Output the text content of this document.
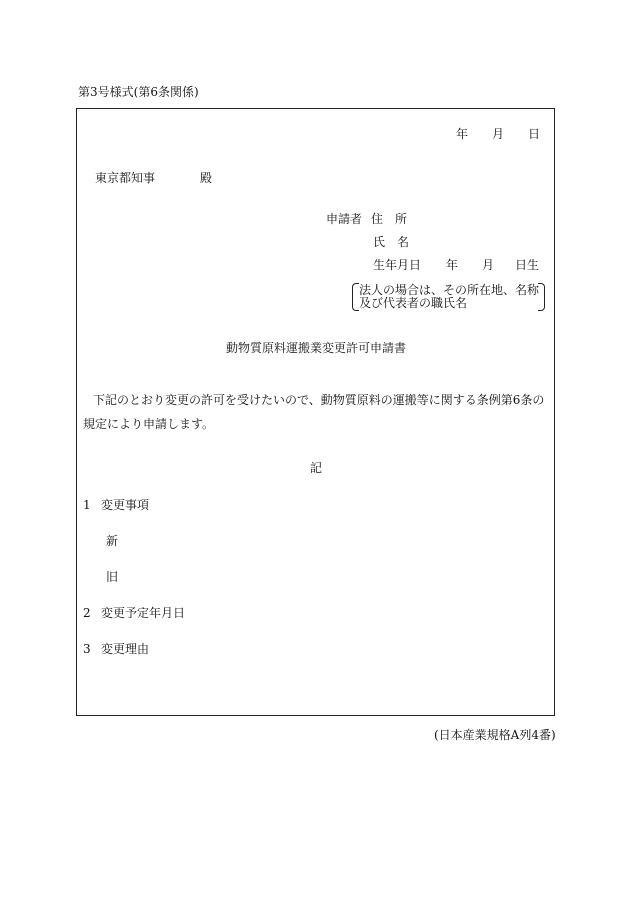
第3号様式(第6条関係)
年 月 日
東京都知事	殿
申請者 住　所
氏　名
生年月日 年 月 日生
法人の場合は、その所在地、名称
及び代表者の職氏名
動物質原料運搬業変更許可申請書
下記のとおり変更の許可を受けたいので、動物質原料の運搬等に関する条例第6条の規定により申請します。
記
1 変更事項
新
旧
2 変更予定年月日
3 変更理由
(日本産業規格A列4番)
